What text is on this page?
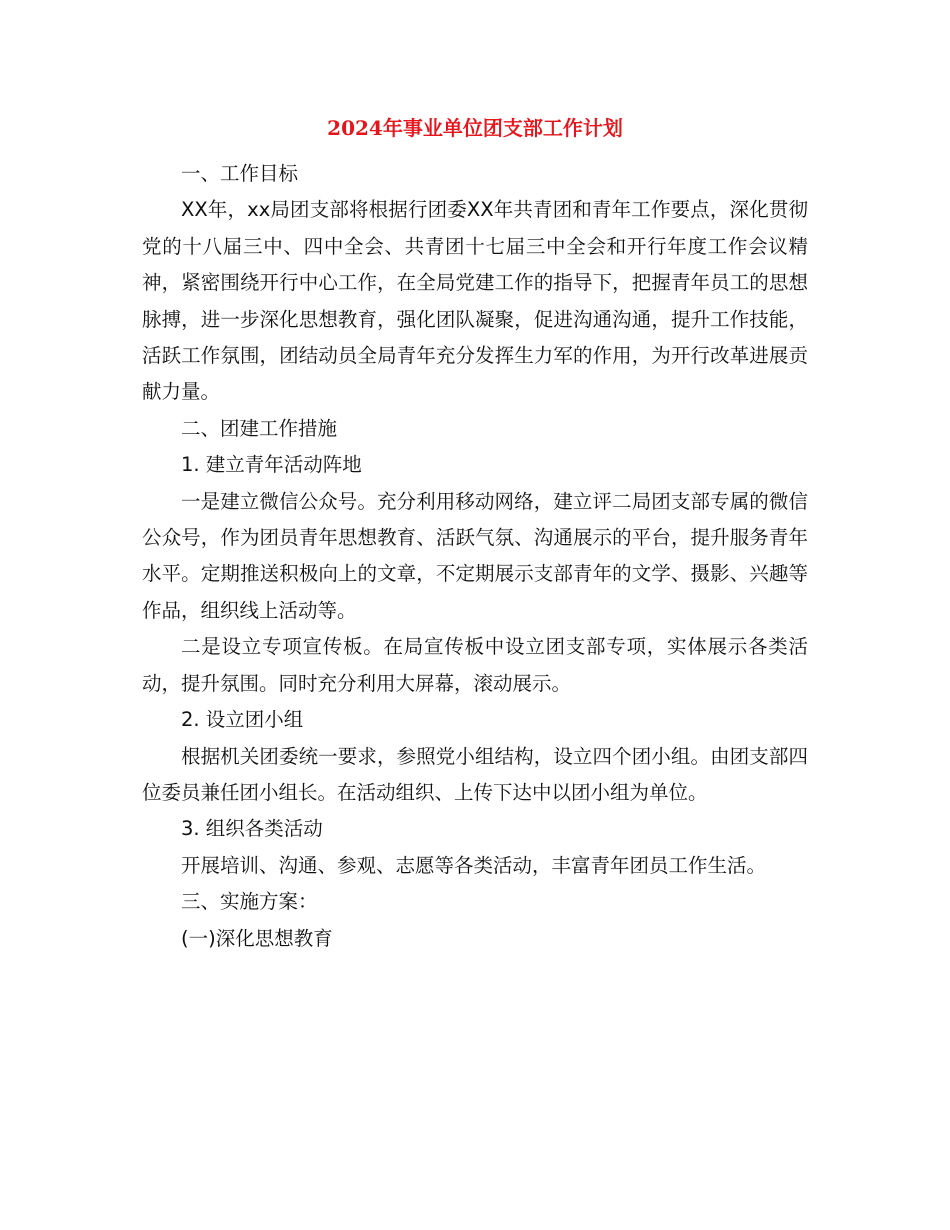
2024年事业单位团支部工作计划

一、工作目标

XX年，xx局团支部将根据行团委XX年共青团和青年工作要点，深化贯彻党的十八届三中、四中全会、共青团十七届三中全会和开行年度工作会议精神，紧密围绕开行中心工作，在全局党建工作的指导下，把握青年员工的思想脉搏，进一步深化思想教育，强化团队凝聚，促进沟通沟通，提升工作技能，活跃工作氛围，团结动员全局青年充分发挥生力军的作用，为开行改革进展贡献力量。

二、团建工作措施

1. 建立青年活动阵地

一是建立微信公众号。充分利用移动网络，建立评二局团支部专属的微信公众号，作为团员青年思想教育、活跃气氛、沟通展示的平台，提升服务青年水平。定期推送积极向上的文章，不定期展示支部青年的文学、摄影、兴趣等作品，组织线上活动等。

二是设立专项宣传板。在局宣传板中设立团支部专项，实体展示各类活动，提升氛围。同时充分利用大屏幕，滚动展示。

2. 设立团小组

根据机关团委统一要求，参照党小组结构，设立四个团小组。由团支部四位委员兼任团小组长。在活动组织、上传下达中以团小组为单位。

3. 组织各类活动

开展培训、沟通、参观、志愿等各类活动，丰富青年团员工作生活。

三、实施方案：

(一)深化思想教育
